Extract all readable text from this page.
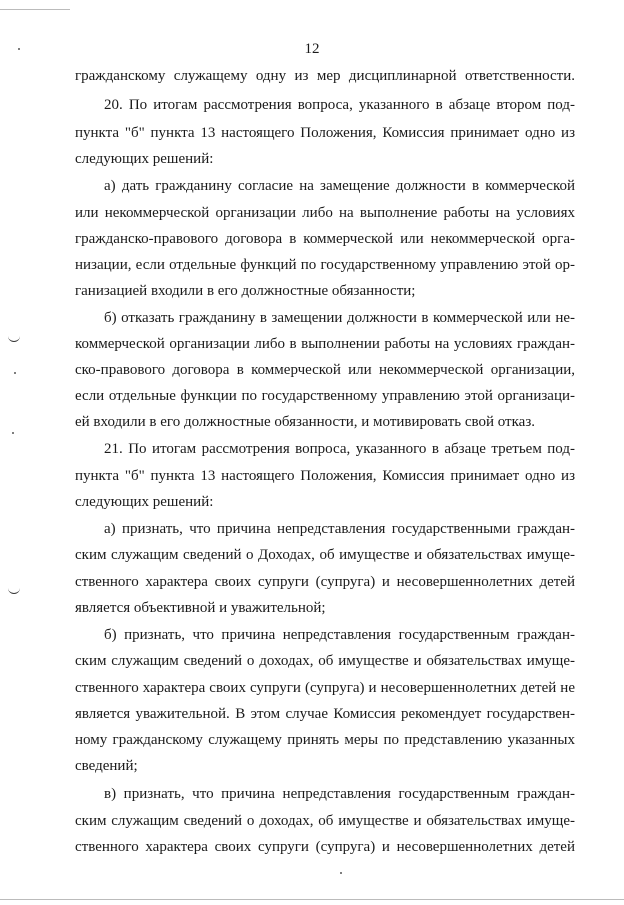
12
гражданскому служащему одну из мер дисциплинарной ответственности.
20. По итогам рассмотрения вопроса, указанного в абзаце втором под-
пункта "б" пункта 13 настоящего Положения, Комиссия принимает одно из
следующих решений:
а) дать гражданину согласие на замещение должности в коммерческой
или некоммерческой организации либо на выполнение работы на условиях
гражданско-правового договора в коммерческой или некоммерческой орга-
низации, если отдельные функций по государственному управлению этой ор-
ганизацией входили в его должностные обязанности;
б) отказать гражданину в замещении должности в коммерческой или не-
коммерческой организации либо в выполнении работы на условиях граждан-
ско-правового договора в коммерческой или некоммерческой организации,
если отдельные функции по государственному управлению этой организаци-
ей входили в его должностные обязанности, и мотивировать свой отказ.
21. По итогам рассмотрения вопроса, указанного в абзаце третьем под-
пункта "б" пункта 13 настоящего Положения, Комиссия принимает одно из
следующих решений:
а) признать, что причина непредставления государственными граждан-
ским служащим сведений о Доходах, об имуществе и обязательствах имуще-
ственного характера своих супруги (супруга) и несовершеннолетних детей
является объективной и уважительной;
б) признать, что причина непредставления государственным граждан-
ским служащим сведений о доходах, об имуществе и обязательствах имуще-
ственного характера своих супруги (супруга) и несовершеннолетних детей не
является уважительной. В этом случае Комиссия рекомендует государствен-
ному гражданскому служащему принять меры по представлению указанных
сведений;
в) признать, что причина непредставления государственным граждан-
ским служащим сведений о доходах, об имуществе и обязательствах имуще-
ственного характера своих супруги (супруга) и несовершеннолетних детей
